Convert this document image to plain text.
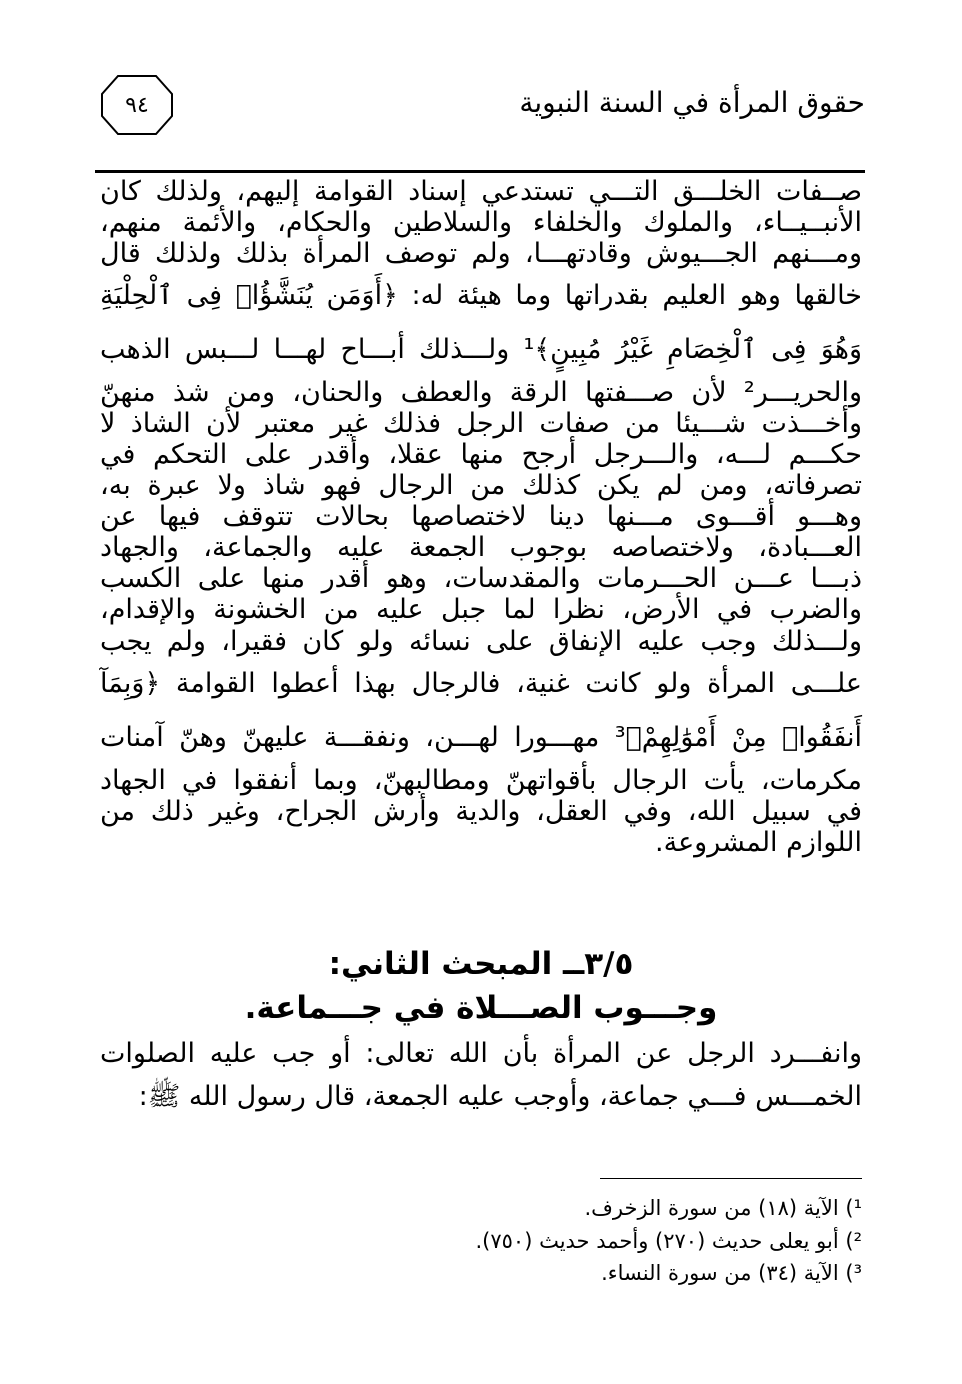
حقوق المرأة في السنة النبوية
٩٤
صــفات الخلـــق التـــي تستدعي إسناد القوامة إليهم، ولذلك كان
الأنبــيــاء، والملوك والخلفاء والسلاطين والحكام، والأئمة منهم،
ومـــنهم الجـــيوش وقادتهـــا، ولم توصف المرأة بذلك ولذلك قال
خالقها وهو العليم بقدراتها وما هيئة له: ﴿أَوَمَن يُنَشَّؤُا۟ فِى ٱلْحِلْيَةِ
وَهُوَ فِى ٱلْخِصَامِ غَيْرُ مُبِينٍ﴾¹ ولـــذلك أبـــاح لهـــا لـــبس الذهب
والحريـــر² لأن صـــفتها الرقة والعطف والحنان، ومن شذ منهنّ
وأخـــذت شـــيئا من صفات الرجل فذلك غير معتبر لأن الشاذ لا
حكـــم لـــه، والـــرجل أرجح منها عقلا، وأقدر على التحكم في
تصرفاته، ومن لم يكن كذلك من الرجال فهو شاذ ولا عبرة به،
وهـــو أقـــوى مـــنها دينا لاختصاصها بحالات تتوقف فيها عن
العـــبادة، ولاختصاصه بوجوب الجمعة عليه والجماعة، والجهاد
ذبـــا عـــن الحـــرمات والمقدسات، وهو أقدر منها على الكسب
والضرب في الأرض، نظرا لما جبل عليه من الخشونة والإقدام،
ولـــذلك وجب عليه الإنفاق على نسائه ولو كان فقيرا، ولم يجب
علـــى المرأة ولو كانت غنية، فالرجال بهذا أعطوا القوامة ﴿وَبِمَآ
أَنفَقُوا۟ مِنْ أَمْوَٰلِهِمْ﴾³ مهـــورا لهـــن، ونفقـــة عليهنّ وهنّ آمنات
مكرمات، يأت الرجال بأقواتهنّ ومطالبهنّ، وبما أنفقوا في الجهاد
في سبيل الله، وفي العقل، والدية وأرش الجراح، وغير ذلك من
اللوازم المشروعة.
٣/٥ــ المبحث الثاني:
وجـــوب الصـــلاة في جـــماعة.
وانفـــرد الرجل عن المرأة بأن الله تعالى: أو جب عليه الصلوات
الخمـــس فـــي جماعة، وأوجب عليه الجمعة، قال رسول الله ﷺ:
¹) الآية (١٨) من سورة الزخرف.
²) أبو يعلى حديث (٢٧٠) وأحمد حديث (٧٥٠).
³) الآية (٣٤) من سورة النساء.
